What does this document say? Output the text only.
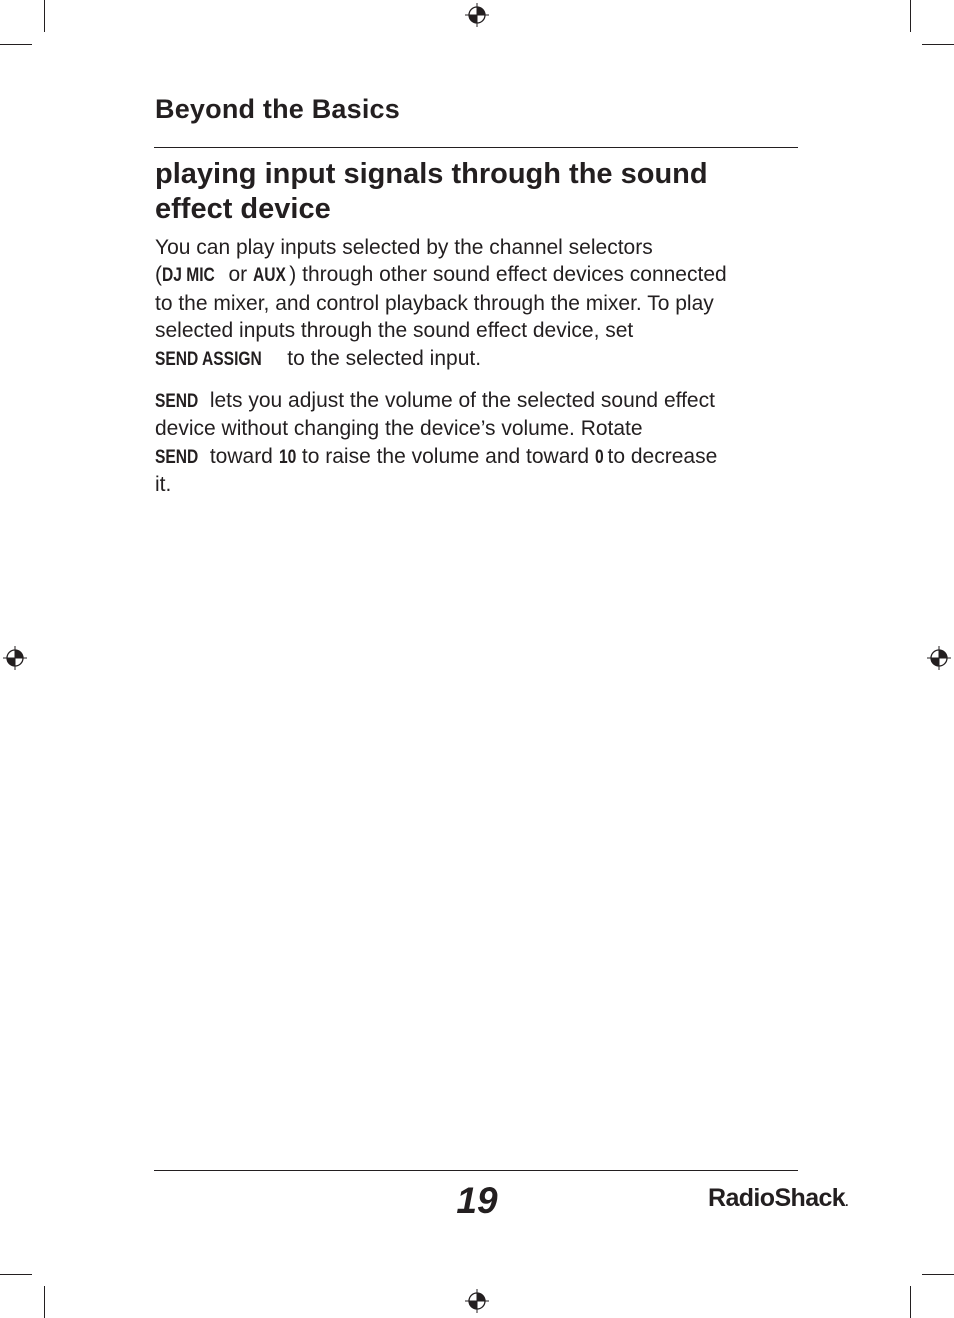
Beyond the Basics
playing input signals through the sound
effect device

You can play inputs selected by the channel selectors
(DJ MIC or AUX ) through other sound effect devices connected
to the mixer, and control playback through the mixer. To play
selected inputs through the sound effect device, set
SEND ASSIGN to the selected input.

SEND lets you adjust the volume of the selected sound effect
device without changing the device’s volume. Rotate
SEND toward 10 to raise the volume and toward 0 to decrease
it.

19	RadioShack.
